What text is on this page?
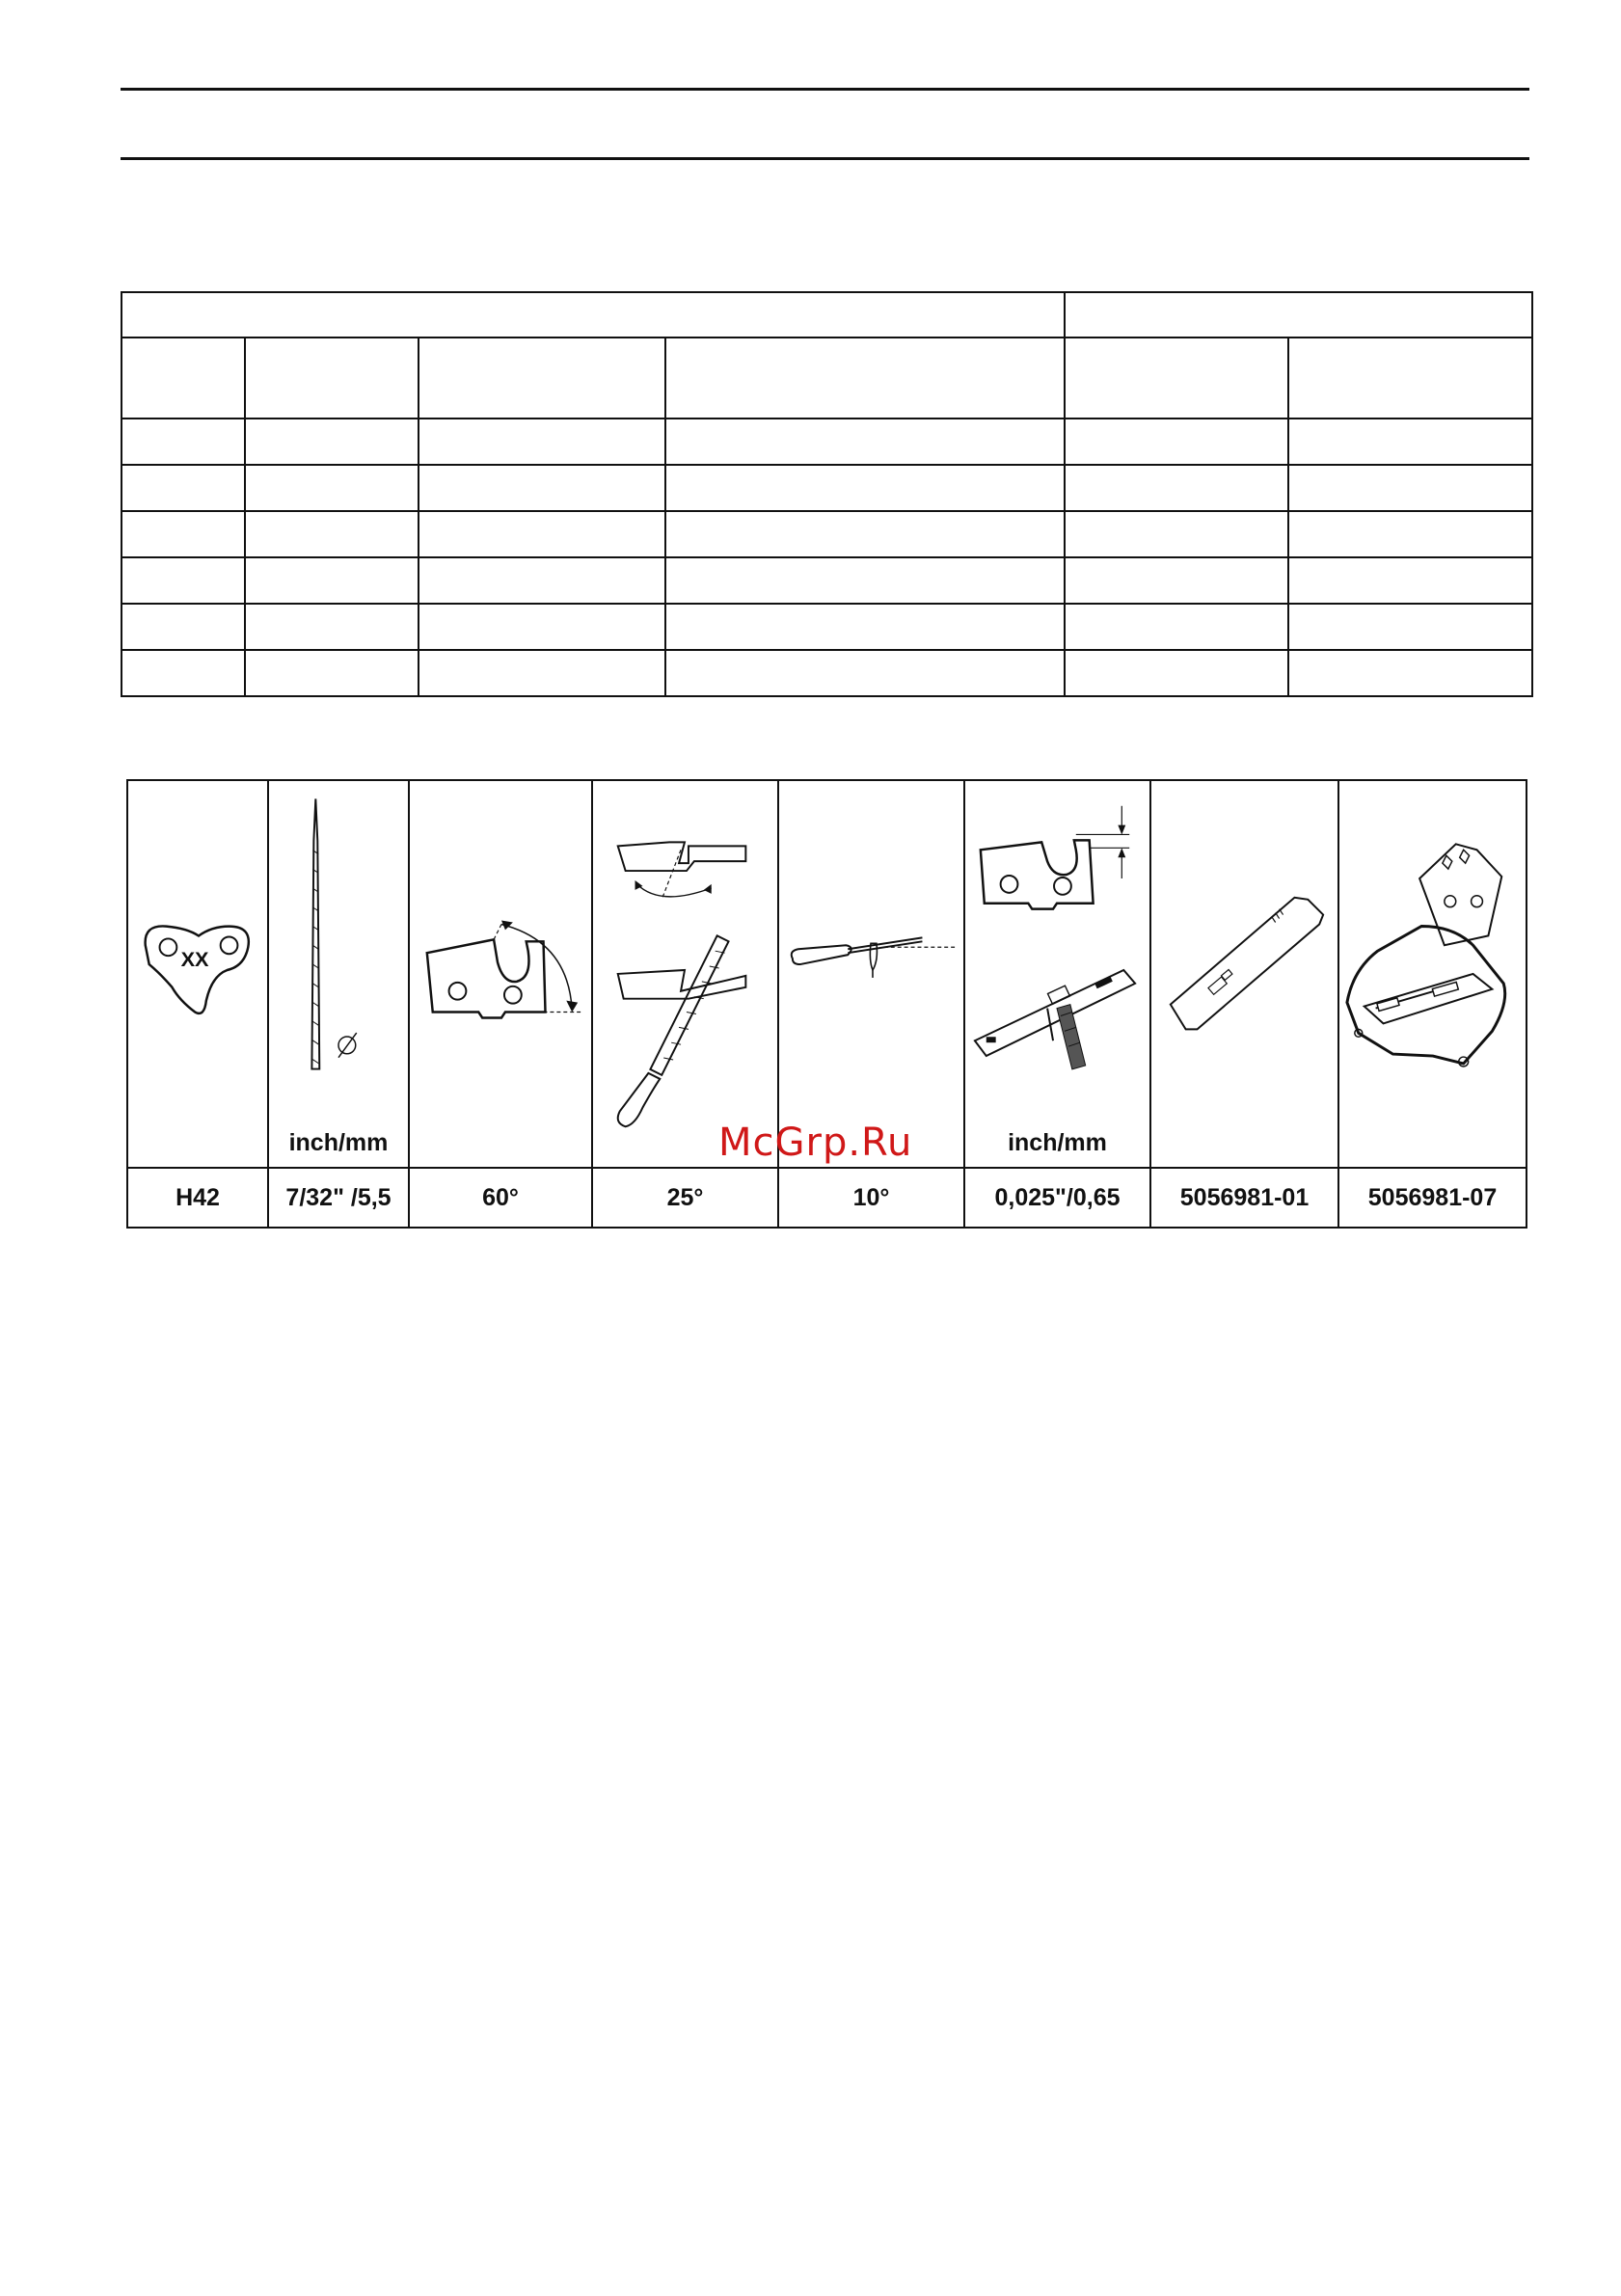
XX	inch/mm				inch/mm

H42	7/32" /5,5	60°	25°	10°	0,025"/0,65	5056981-01	5056981-07
McGrp.Ru
